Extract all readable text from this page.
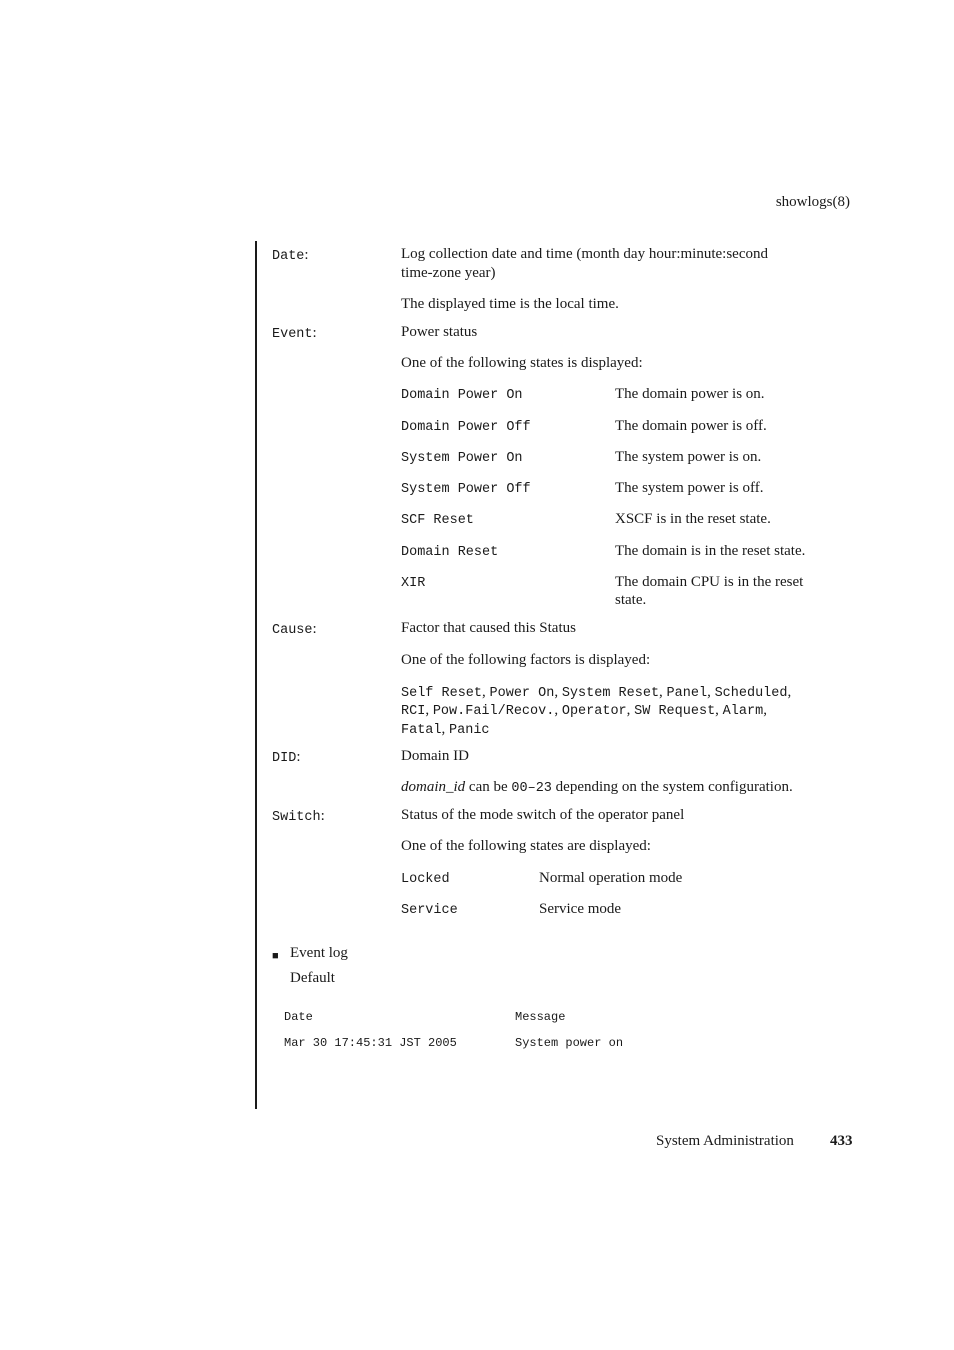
showlogs(8)
Date:	Log collection date and time (month day hour:minute:second
time-zone year)
The displayed time is the local time.
Event:	Power status
One of the following states is displayed:
Domain Power On	The domain power is on.
Domain Power Off	The domain power is off.
System Power On	The system power is on.
System Power Off	The system power is off.
SCF Reset	XSCF is in the reset state.
Domain Reset	The domain is in the reset state.
XIR	The domain CPU is in the reset
state.
Cause:	Factor that caused this Status
One of the following factors is displayed:
Self Reset, Power On, System Reset, Panel, Scheduled,
RCI, Pow.Fail/Recov., Operator, SW Request, Alarm,
Fatal, Panic
DID:	Domain ID
domain_id can be 00–23 depending on the system configuration.
Switch:	Status of the mode switch of the operator panel
One of the following states are displayed:
Locked	Normal operation mode
Service	Service mode
■ Event log
Default
Date	Message
Mar 30 17:45:31 JST 2005	System power on
System Administration 433
